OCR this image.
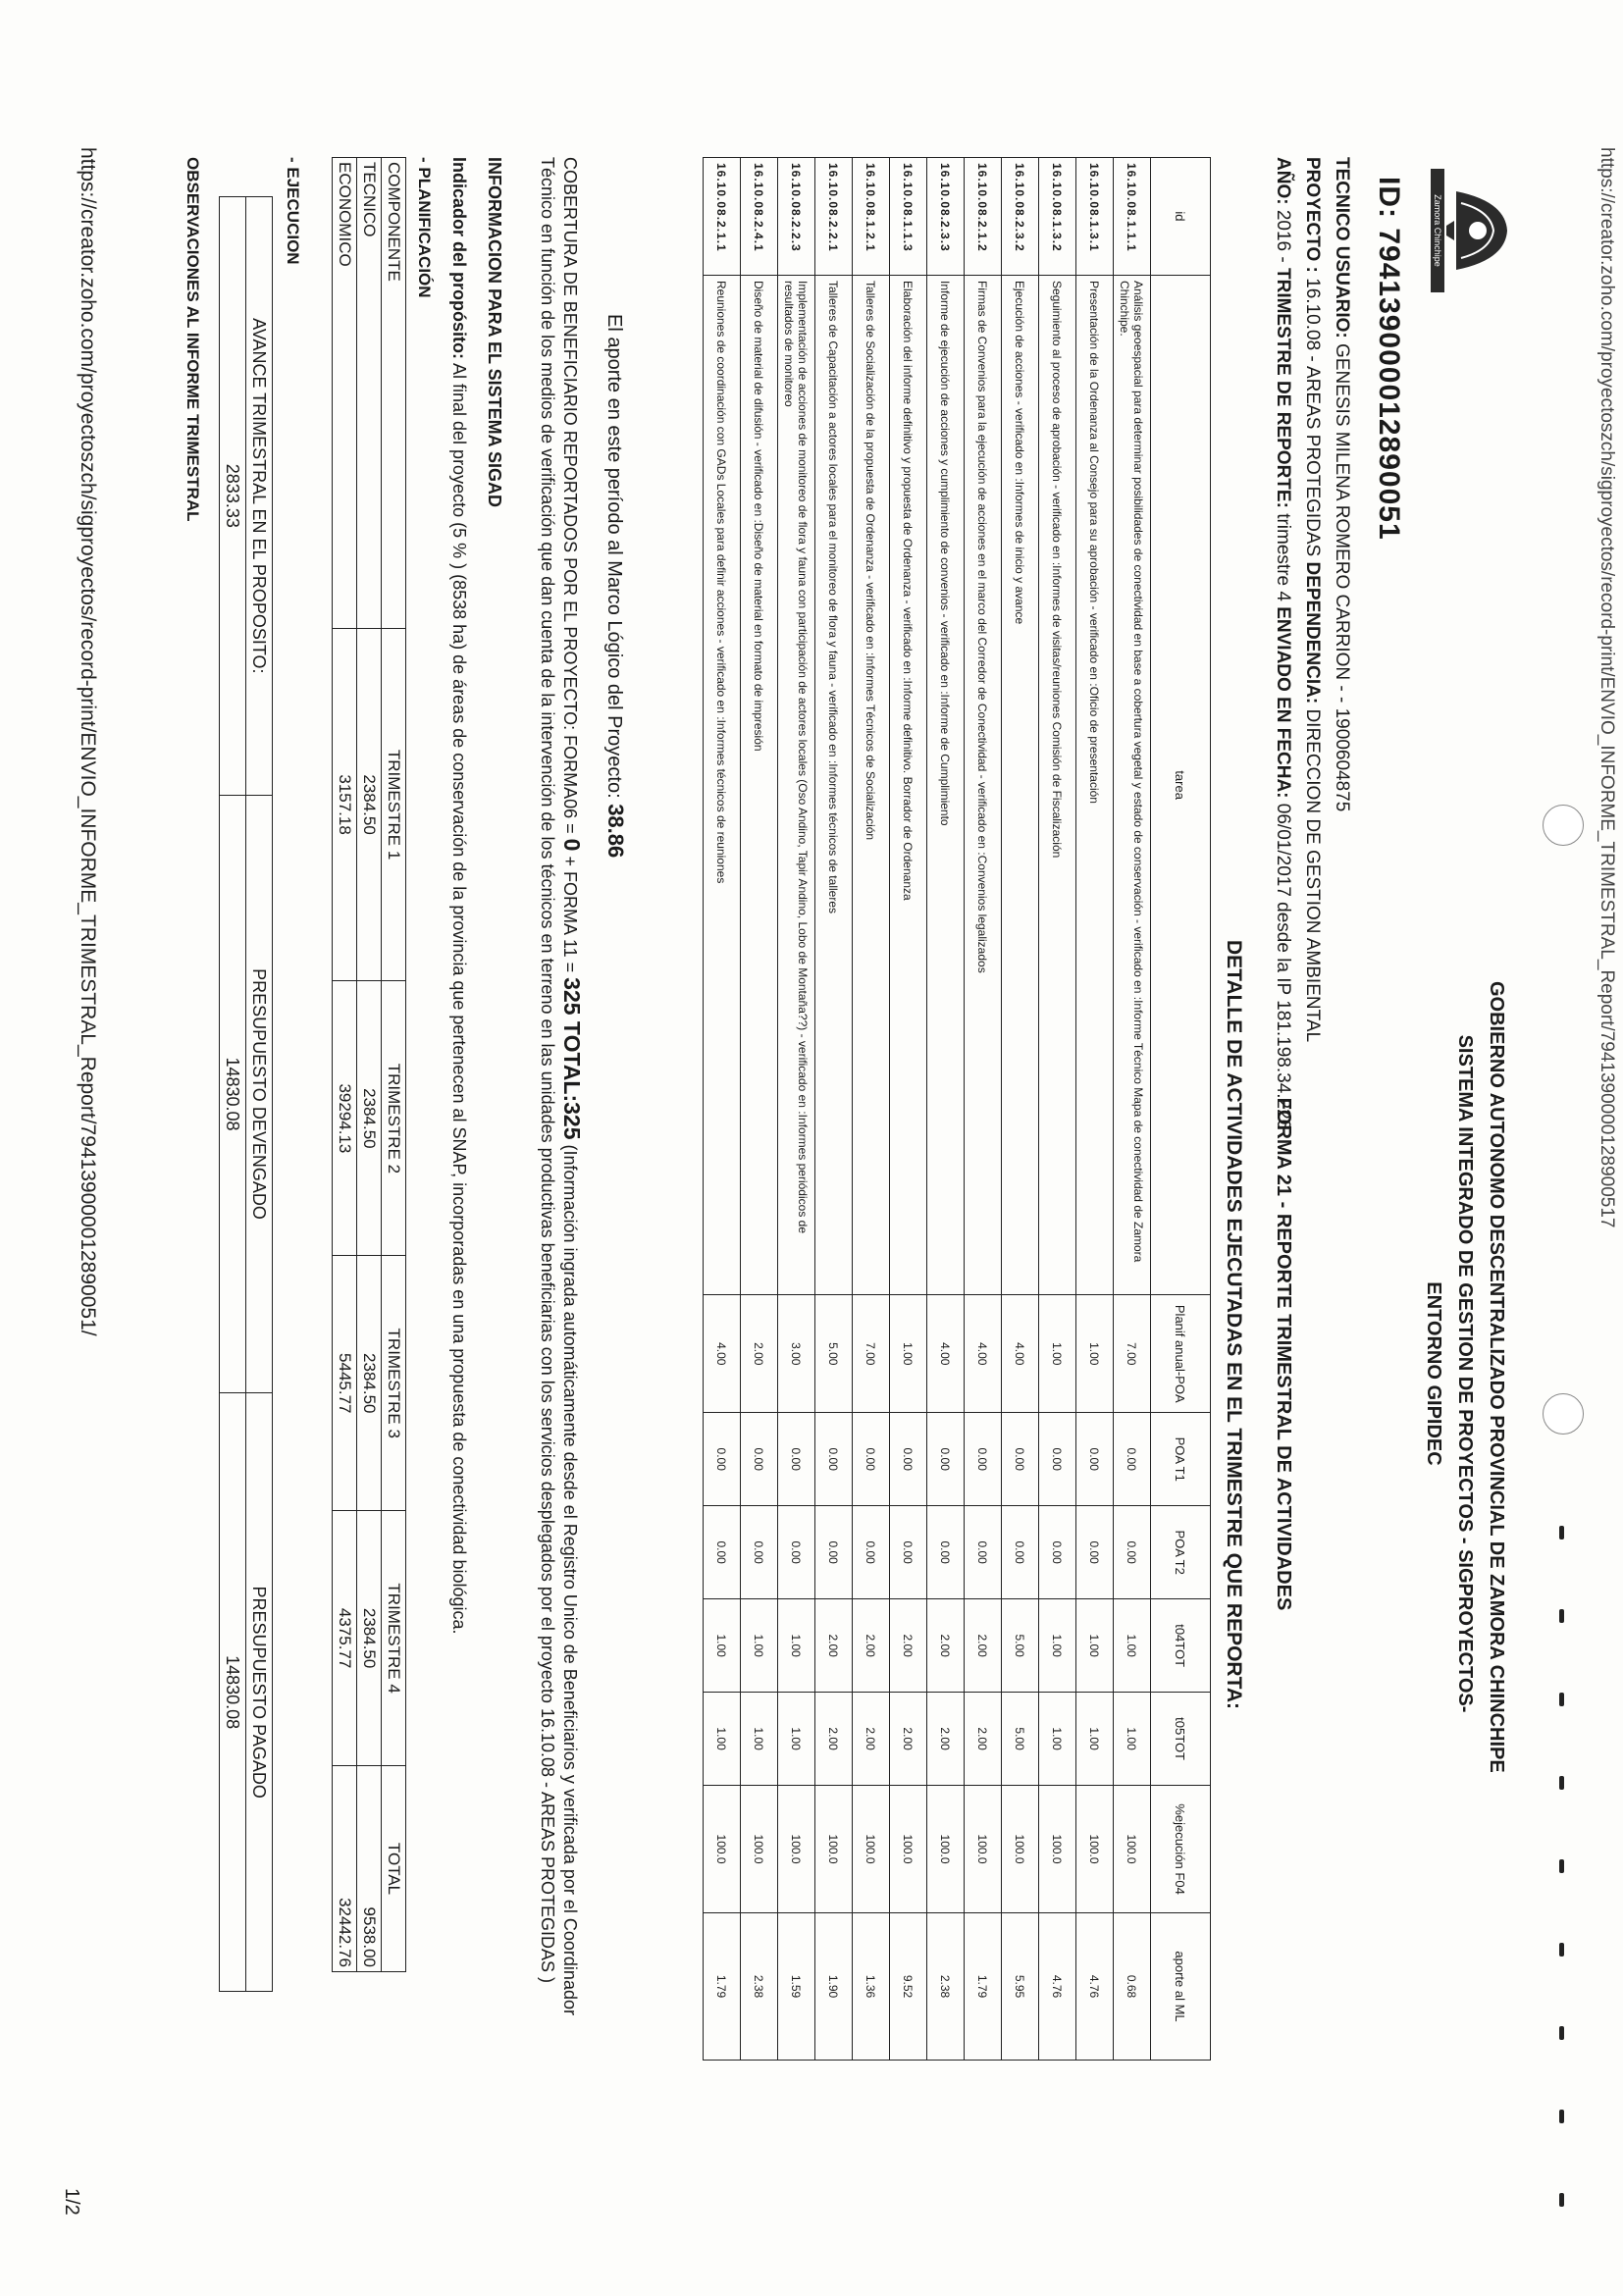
https://creator.zoho.com/proyectoszch/sigproyectos/record-print/ENVIO_INFORME_TRIMESTRAL_Report/7941390000128900517
Zamora Chinchipe
GOBIERNO AUTONOMO DESCENTRALIZADO PROVINCIAL DE ZAMORA CHINCHIPE
SISTEMA INTEGRADO DE GESTION DE PROYECTOS - SIGPROYECTOS-
ENTORNO GIPIDEC
ID: 794139000012890051
TECNICO USUARIO: GENESIS MILENA ROMERO CARRION - - 1900604875
PROYECTO : 16.10.08 - AREAS PROTEGIDAS DEPENDENCIA: DIRECCION DE GESTION AMBIENTAL
AÑO: 2016 - TRIMESTRE DE REPORTE: trimestre 4 ENVIADO EN FECHA: 06/01/2017 desde la IP 181.198.34.226
FORMA 21 - REPORTE TRIMESTRAL DE ACTIVIDADES
DETALLE DE ACTIVIDADES EJECUTADAS EN EL TRIMESTRE QUE REPORTA:
id	tarea	Planif anual-POA	POA T1	POA T2	t04TOT	t05TOT	%ejecución F04	aporte al ML
16.10.08.1.1.1	Análisis geoespacial para determinar posibilidades de conectividad en base a cobertura vegetal y estado de conservación - verificado en :Informe Técnico Mapa de conectividad de Zamora Chinchipe.	7.00	0.00	0.00	1.00	1.00	100.0	0.68
16.10.08.1.3.1	Presentación de la Ordenanza al Consejo para su aprobación - verificado en :Oficio de presentación	1.00	0.00	0.00	1.00	1.00	100.0	4.76
16.10.08.1.3.2	Seguimiento al proceso de aprobación - verificado en :Informes de visitas/reuniones Comisión de Fiscalización	1.00	0.00	0.00	1.00	1.00	100.0	4.76
16.10.08.2.3.2	Ejecución de acciones - verificado en :Informes de inicio y avance	4.00	0.00	0.00	5.00	5.00	100.0	5.95
16.10.08.2.1.2	Firmas de Convenios para la ejecución de acciones en el marco del Corredor de Conectividad - verificado en :Convenios legalizados	4.00	0.00	0.00	2.00	2.00	100.0	1.79
16.10.08.2.3.3	Informe de ejecución de acciones y cumplimiento de convenios - verificado en :Informe de Cumplimiento	4.00	0.00	0.00	2.00	2.00	100.0	2.38
16.10.08.1.1.3	Elaboración del informe definitivo y propuesta de Ordenanza - verificado en :Informe definitivo. Borrador de Ordenanza	1.00	0.00	0.00	2.00	2.00	100.0	9.52
16.10.08.1.2.1	Talleres de Socialización de la propuesta de Ordenanza - verificado en :Informes Técnicos de Socialización	7.00	0.00	0.00	2.00	2.00	100.0	1.36
16.10.08.2.2.1	Talleres de Capacitación a actores locales para el monitoreo de flora y fauna - verificado en :Informes técnicos de talleres	5.00	0.00	0.00	2.00	2.00	100.0	1.90
16.10.08.2.2.3	Implementación de acciones de monitoreo de flora y fauna con participación de actores locales (Oso Andino, Tapir Andino, Lobo de Montaña??) - verificado en :Informes periódicos de resultados de monitoreo	3.00	0.00	0.00	1.00	1.00	100.0	1.59
16.10.08.2.4.1	Diseño de material de difusión - verificado en :Diseño de material en formato de impresión	2.00	0.00	0.00	1.00	1.00	100.0	2.38
16.10.08.2.1.1	Reuniones de coordinación con GADs Locales para definir acciones - verificado en :Informes técnicos de reuniones	4.00	0.00	0.00	1.00	1.00	100.0	1.79
El aporte en este período al Marco Lógico del Proyecto: 38.86
COBERTURA DE BENEFICIARIO REPORTADOS POR EL PROYECTO: FORMA06 = 0 + FORMA 11 = 325 TOTAL:325 (Información ingrada automáticamente desde el Registro Unico de Beneficiarios y verificada por el Coordinador Técnico en función de los medios de verificación que dan cuenta de la intervención de los técnicos en terreno en las unidades productivas beneficiarias con los servicios desplegados por el proyecto 16.10.08 - AREAS PROTEGIDAS )
INFORMACION PARA EL SISTEMA SIGAD
Indicador del propósito: Al final del proyecto (5 % ) (8538 ha) de áreas de conservación de la provincia que pertenecen al SNAP, incorporadas en una propuesta de conectividad biológica.
- PLANIFICACIÓN
COMPONENTE	TRIMESTRE 1	TRIMESTRE 2	TRIMESTRE 3	TRIMESTRE 4	TOTAL
TECNICO	2384.50	2384.50	2384.50	2384.50	9538.00
ECONOMICO	3157.18	39294.13	5445.77	4375.77	32442.76
- EJECUCION
AVANCE TRIMESTRAL EN EL PROPOSITO:	PRESUPUESTO DEVENGADO	PRESUPUESTO PAGADO
2833.33	14830.08	14830.08
OBSERVACIONES AL INFORME TRIMESTRAL
https://creator.zoho.com/proyectoszch/sigproyectos/record-print/ENVIO_INFORME_TRIMESTRAL_Report/794139000012890051/
1/2
